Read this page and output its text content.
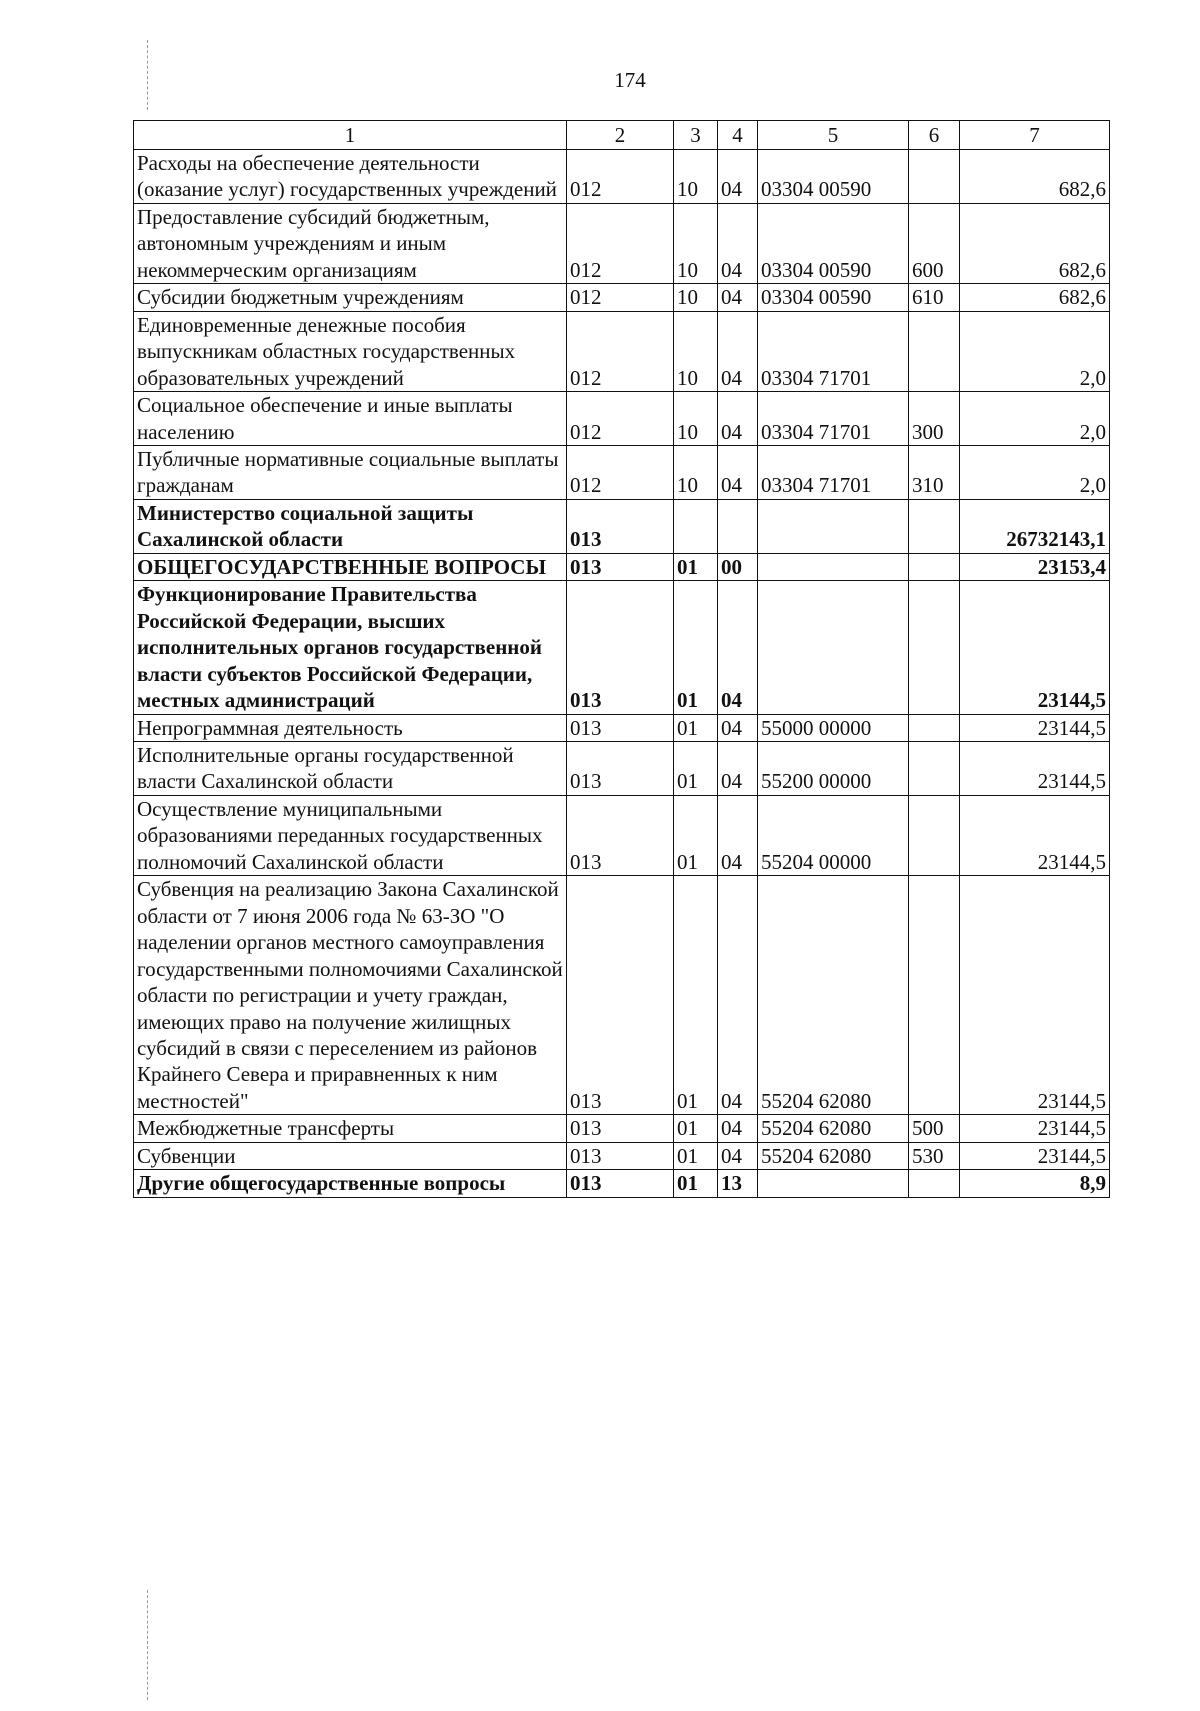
174
1	2	3	4	5	6	7
Расходы на обеспечение деятельности (оказание услуг) государственных учреждений	012	10	04	03304 00590		682,6
Предоставление субсидий бюджетным, автономным учреждениям и иным некоммерческим организациям	012	10	04	03304 00590	600	682,6
Субсидии бюджетным учреждениям	012	10	04	03304 00590	610	682,6
Единовременные денежные пособия выпускникам областных государственных образовательных учреждений	012	10	04	03304 71701		2,0
Социальное обеспечение и иные выплаты населению	012	10	04	03304 71701	300	2,0
Публичные нормативные социальные выплаты гражданам	012	10	04	03304 71701	310	2,0
Министерство социальной защиты Сахалинской области	013					26732143,1
ОБЩЕГОСУДАРСТВЕННЫЕ ВОПРОСЫ	013	01	00			23153,4
Функционирование Правительства Российской Федерации, высших исполнительных органов государственной власти субъектов Российской Федерации, местных администраций	013	01	04			23144,5
Непрограммная деятельность	013	01	04	55000 00000		23144,5
Исполнительные органы государственной власти Сахалинской области	013	01	04	55200 00000		23144,5
Осуществление муниципальными образованиями переданных государственных полномочий Сахалинской области	013	01	04	55204 00000		23144,5
Субвенция на реализацию Закона Сахалинской области от 7 июня 2006 года № 63-ЗО "О наделении органов местного самоуправления государственными полномочиями Сахалинской области по регистрации и учету граждан, имеющих право на получение жилищных субсидий в связи с переселением из районов Крайнего Севера и приравненных к ним местностей"	013	01	04	55204 62080		23144,5
Межбюджетные трансферты	013	01	04	55204 62080	500	23144,5
Субвенции	013	01	04	55204 62080	530	23144,5
Другие общегосударственные вопросы	013	01	13			8,9
